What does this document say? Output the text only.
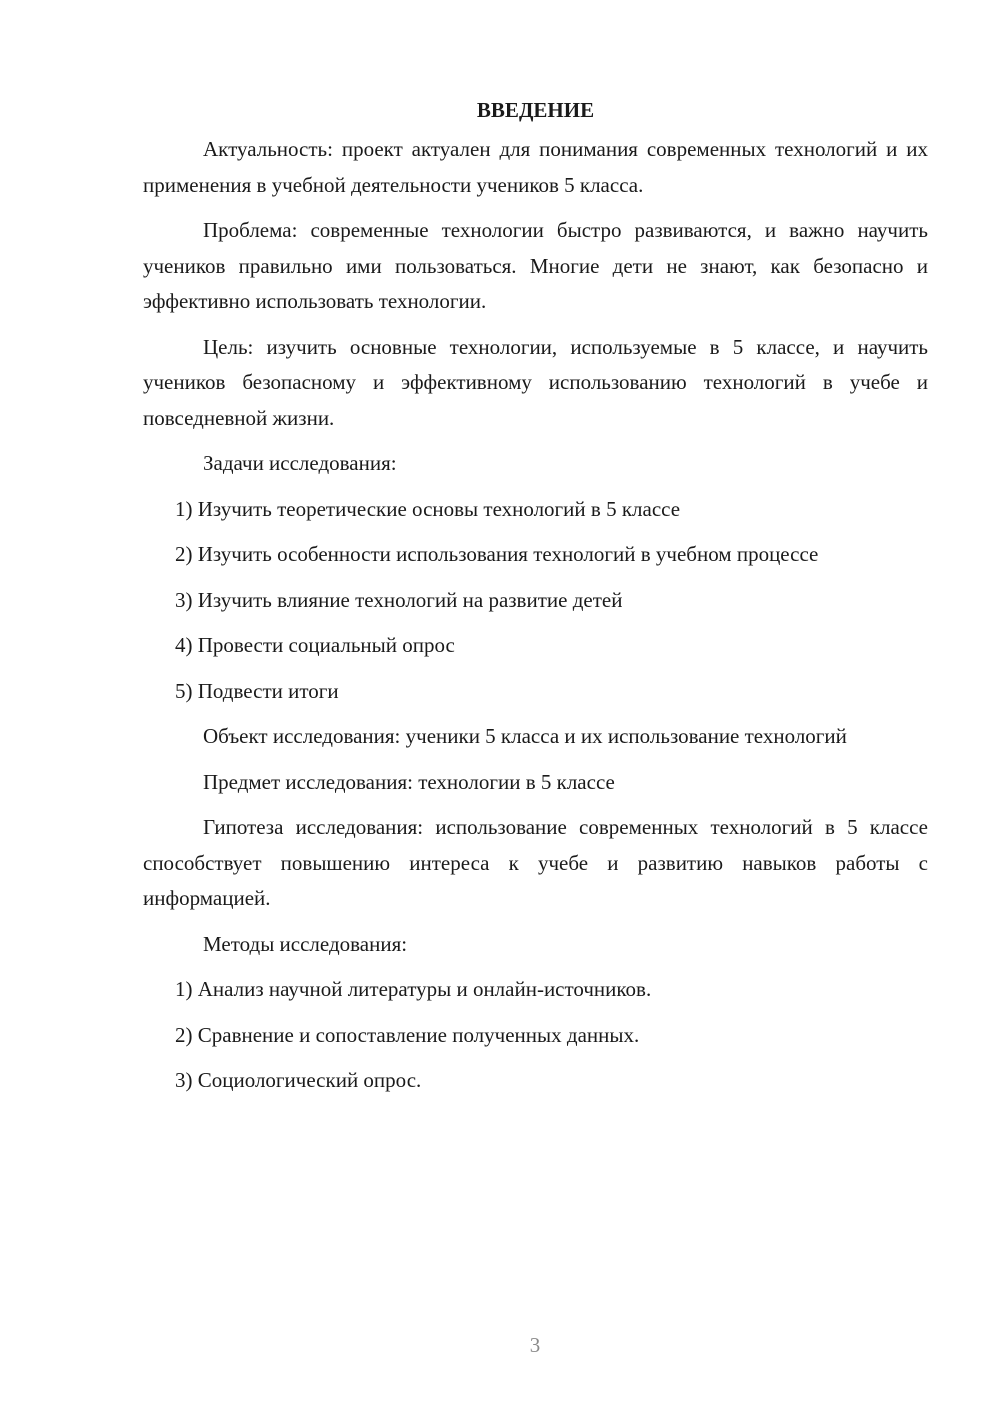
ВВЕДЕНИЕ

Актуальность: проект актуален для понимания современных технологий и их применения в учебной деятельности учеников 5 класса.

Проблема: современные технологии быстро развиваются, и важно научить учеников правильно ими пользоваться. Многие дети не знают, как безопасно и эффективно использовать технологии.

Цель: изучить основные технологии, используемые в 5 классе, и научить учеников безопасному и эффективному использованию технологий в учебе и повседневной жизни.

Задачи исследования:

1) Изучить теоретические основы технологий в 5 классе

2) Изучить особенности использования технологий в учебном процессе

3) Изучить влияние технологий на развитие детей

4) Провести социальный опрос

5) Подвести итоги

Объект исследования: ученики 5 класса и их использование технологий

Предмет исследования: технологии в 5 классе

Гипотеза исследования: использование современных технологий в 5 классе способствует повышению интереса к учебе и развитию навыков работы с информацией.

Методы исследования:

1) Анализ научной литературы и онлайн-источников.

2) Сравнение и сопоставление полученных данных.

3) Социологический опрос.

3
